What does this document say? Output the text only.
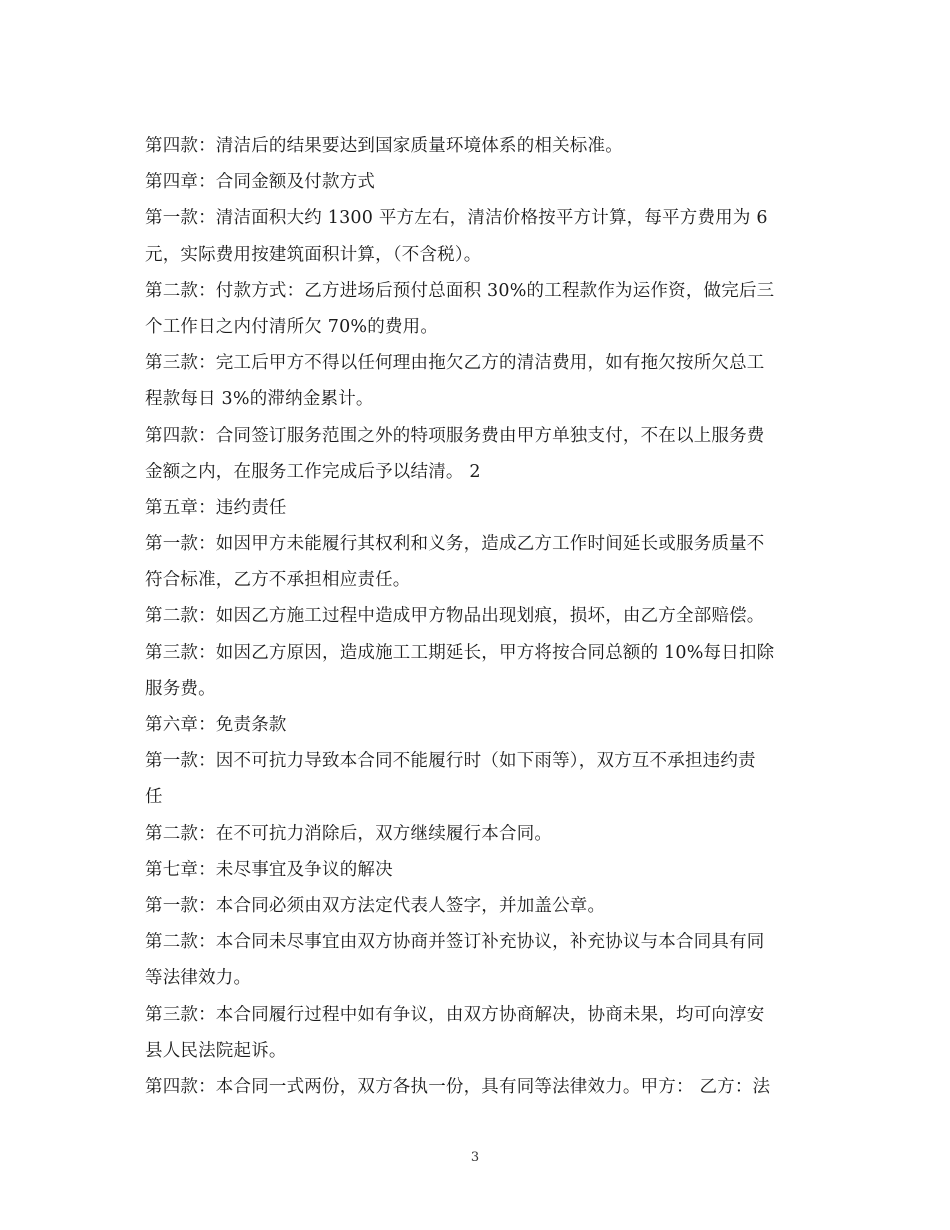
第四款：清洁后的结果要达到国家质量环境体系的相关标准。
第四章：合同金额及付款方式
第一款：清洁面积大约 1300 平方左右，清洁价格按平方计算，每平方费用为 6
元，实际费用按建筑面积计算，（不含税）。
第二款：付款方式：乙方进场后预付总面积 30%的工程款作为运作资，做完后三
个工作日之内付清所欠 70%的费用。
第三款：完工后甲方不得以任何理由拖欠乙方的清洁费用，如有拖欠按所欠总工
程款每日 3%的滞纳金累计。
第四款：合同签订服务范围之外的特项服务费由甲方单独支付，不在以上服务费
金额之内，在服务工作完成后予以结清。 2
第五章：违约责任
第一款：如因甲方未能履行其权利和义务，造成乙方工作时间延长或服务质量不
符合标准，乙方不承担相应责任。
第二款：如因乙方施工过程中造成甲方物品出现划痕，损坏，由乙方全部赔偿。
第三款：如因乙方原因，造成施工工期延长，甲方将按合同总额的 10%每日扣除
服务费。
第六章：免责条款
第一款：因不可抗力导致本合同不能履行时（如下雨等），双方互不承担违约责
任
第二款：在不可抗力消除后，双方继续履行本合同。
第七章：未尽事宜及争议的解决
第一款：本合同必须由双方法定代表人签字，并加盖公章。
第二款：本合同未尽事宜由双方协商并签订补充协议，补充协议与本合同具有同
等法律效力。
第三款：本合同履行过程中如有争议，由双方协商解决，协商未果，均可向淳安
县人民法院起诉。
第四款：本合同一式两份，双方各执一份，具有同等法律效力。甲方： 乙方：法
3
